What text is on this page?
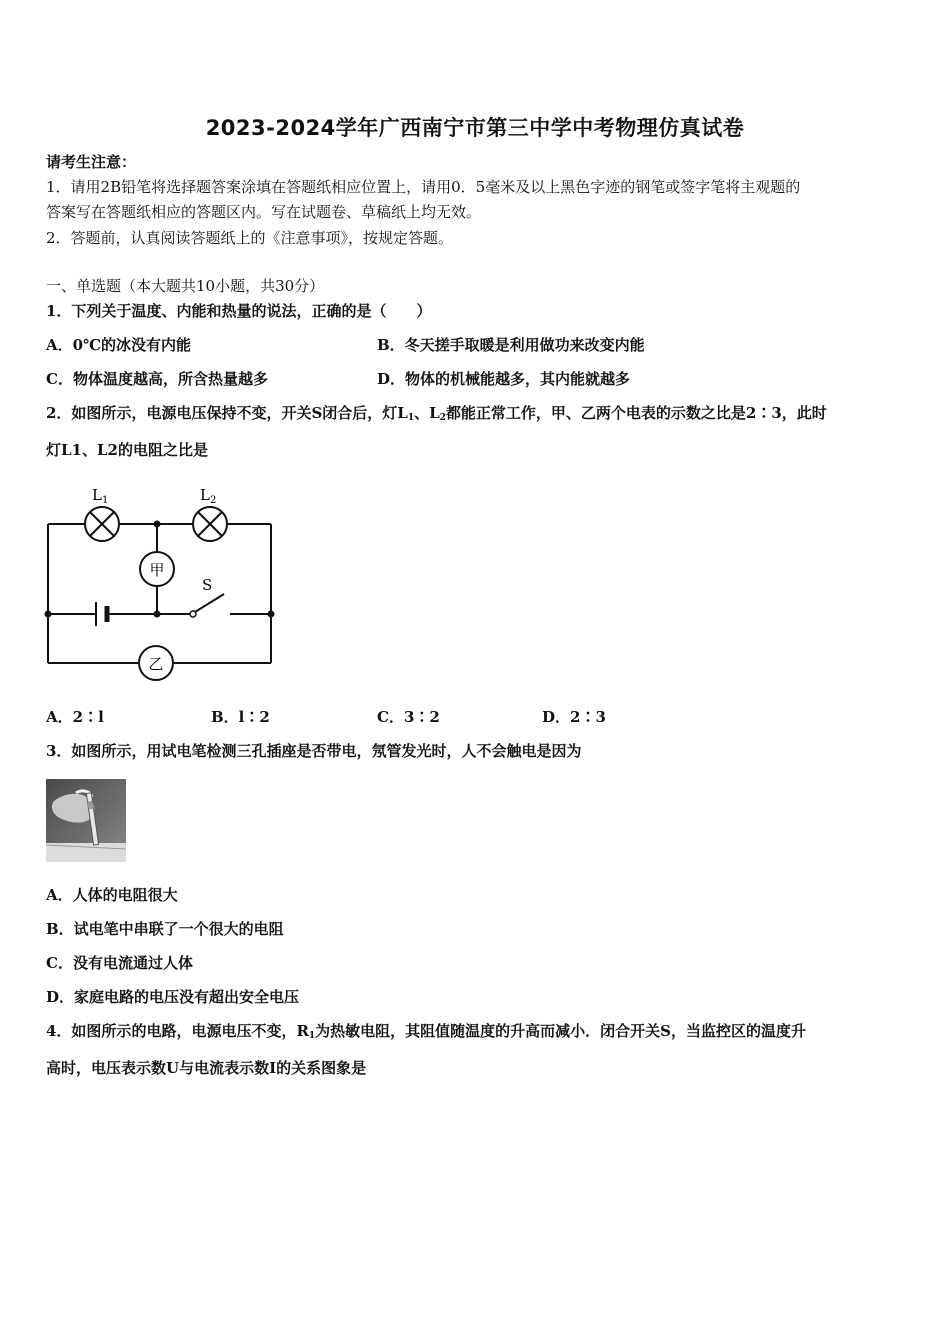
2023-2024学年广西南宁市第三中学中考物理仿真试卷
请考生注意：
1．请用2B铅笔将选择题答案涂填在答题纸相应位置上，请用0．5毫米及以上黑色字迹的钢笔或签字笔将主观题的
答案写在答题纸相应的答题区内。写在试题卷、草稿纸上均无效。
2．答题前，认真阅读答题纸上的《注意事项》，按规定答题。
一、单选题（本大题共10小题，共30分）
1．下列关于温度、内能和热量的说法，正确的是（　　）
A．0℃的冰没有内能	B．冬天搓手取暖是利用做功来改变内能
C．物体温度越高，所含热量越多	D．物体的机械能越多，其内能就越多
2．如图所示，电源电压保持不变，开关S闭合后，灯$L_1$、$L_2$都能正常工作，甲、乙两个电表的示数之比是2∶3，此时
灯L1、L2的电阻之比是
S
$L_1$	$L_2$
甲
乙
A．2∶l	B．l∶2	C．3∶2	D．2∶3
3．如图所示，用试电笔检测三孔插座是否带电，氖管发光时，人不会触电是因为
A．人体的电阻很大
B．试电笔中串联了一个很大的电阻
C．没有电流通过人体
D．家庭电路的电压没有超出安全电压
4．如图所示的电路，电源电压不变，$R_1$为热敏电阻，其阻值随温度的升高而减小．闭合开关S，当监控区的温度升
高时，电压表示数U与电流表示数I的关系图象是
